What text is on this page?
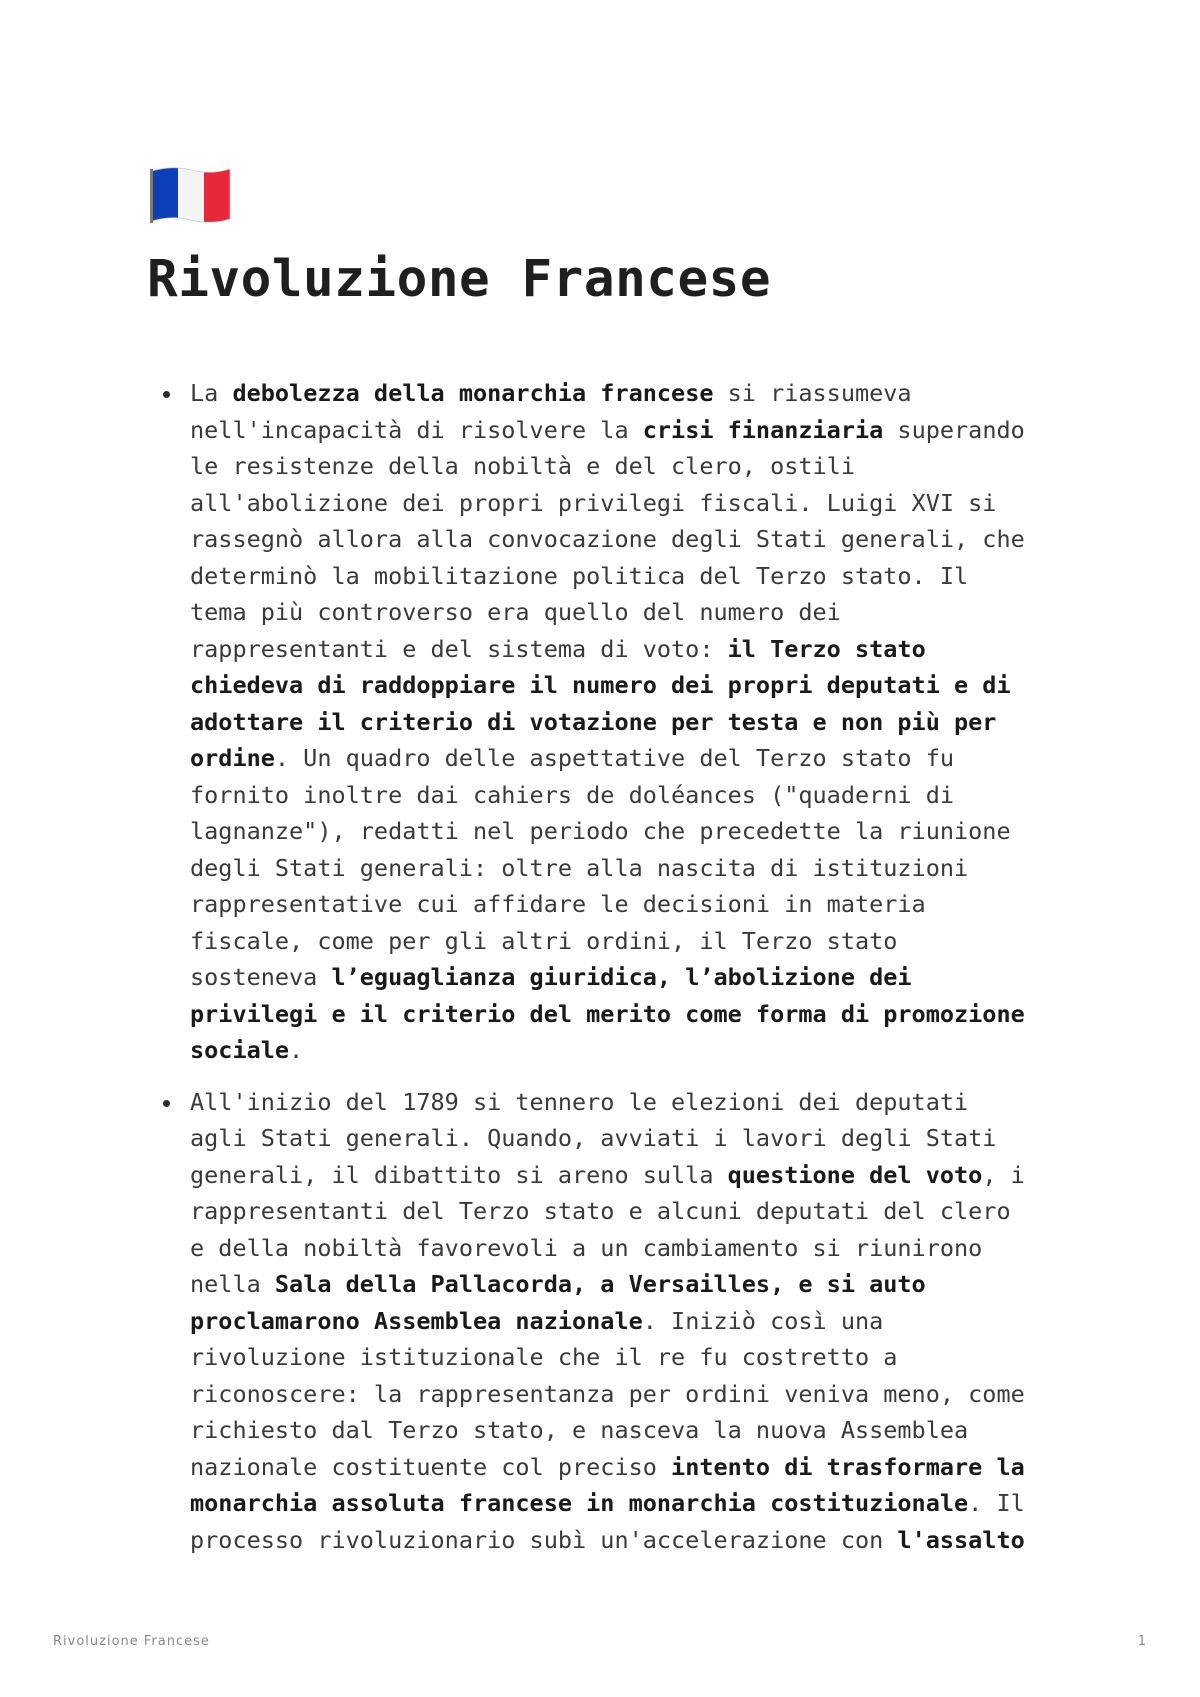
Rivoluzione Francese
La debolezza della monarchia francese si riassumeva
nell'incapacità di risolvere la crisi finanziaria superando
le resistenze della nobiltà e del clero, ostili
all'abolizione dei propri privilegi fiscali. Luigi XVI si
rassegnò allora alla convocazione degli Stati generali, che
determinò la mobilitazione politica del Terzo stato. Il
tema più controverso era quello del numero dei
rappresentanti e del sistema di voto: il Terzo stato
chiedeva di raddoppiare il numero dei propri deputati e di
adottare il criterio di votazione per testa e non più per
ordine. Un quadro delle aspettative del Terzo stato fu
fornito inoltre dai cahiers de doléances ("quaderni di
lagnanze"), redatti nel periodo che precedette la riunione
degli Stati generali: oltre alla nascita di istituzioni
rappresentative cui affidare le decisioni in materia
fiscale, come per gli altri ordini, il Terzo stato
sosteneva l’eguaglianza giuridica, l’abolizione dei
privilegi e il criterio del merito come forma di promozione
sociale.
All'inizio del 1789 si tennero le elezioni dei deputati
agli Stati generali. Quando, avviati i lavori degli Stati
generali, il dibattito si areno sulla questione del voto, i
rappresentanti del Terzo stato e alcuni deputati del clero
e della nobiltà favorevoli a un cambiamento si riunirono
nella Sala della Pallacorda, a Versailles, e si auto
proclamarono Assemblea nazionale. Iniziò così una
rivoluzione istituzionale che il re fu costretto a
riconoscere: la rappresentanza per ordini veniva meno, come
richiesto dal Terzo stato, e nasceva la nuova Assemblea
nazionale costituente col preciso intento di trasformare la
monarchia assoluta francese in monarchia costituzionale. Il
processo rivoluzionario subì un'accelerazione con l'assalto
Rivoluzione Francese	1
